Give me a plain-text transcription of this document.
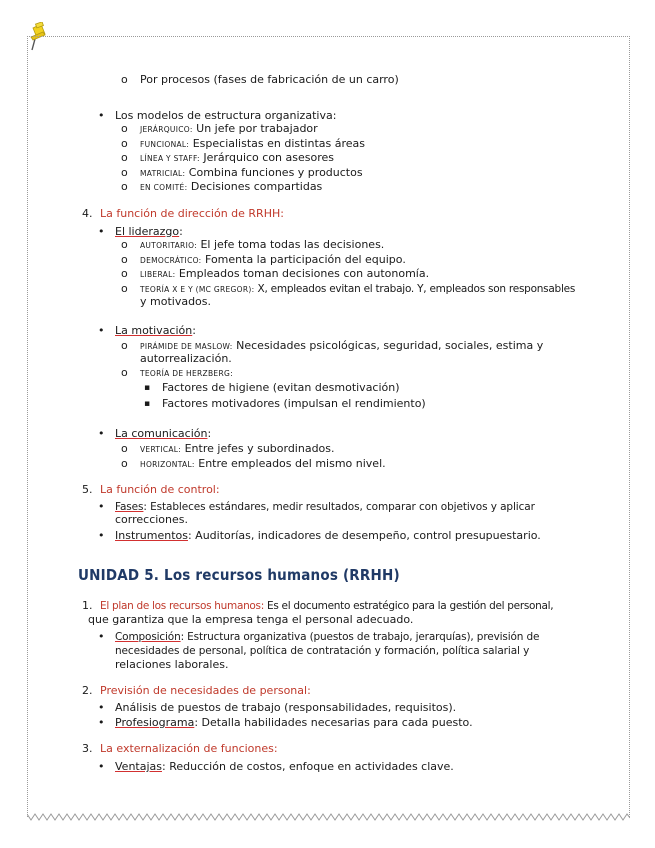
o Por procesos (fases de fabricación de un carro)
• Los modelos de estructura organizativa:
o JERÁRQUICO: Un jefe por trabajador
o FUNCIONAL: Especialistas en distintas áreas
o LÍNEA Y STAFF: Jerárquico con asesores
o MATRICIAL: Combina funciones y productos
o EN COMITÉ: Decisiones compartidas
4. La función de dirección de RRHH:
• El liderazgo:
o AUTORITARIO: El jefe toma todas las decisiones.
o DEMOCRÁTICO: Fomenta la participación del equipo.
o LIBERAL: Empleados toman decisiones con autonomía.
o TEORÍA X E Y (MC GREGOR): X, empleados evitan el trabajo. Y, empleados son responsables
y motivados.
• La motivación:
o PIRÁMIDE DE MASLOW: Necesidades psicológicas, seguridad, sociales, estima y
autorrealización.
o TEORÍA DE HERZBERG:
▪ Factores de higiene (evitan desmotivación)
▪ Factores motivadores (impulsan el rendimiento)
• La comunicación:
o VERTICAL: Entre jefes y subordinados.
o HORIZONTAL: Entre empleados del mismo nivel.
5. La función de control:
• Fases: Estableces estándares, medir resultados, comparar con objetivos y aplicar
correcciones.
• Instrumentos: Auditorías, indicadores de desempeño, control presupuestario.
UNIDAD 5. Los recursos humanos (RRHH)
1. El plan de los recursos humanos: Es el documento estratégico para la gestión del personal,
que garantiza que la empresa tenga el personal adecuado.
• Composición: Estructura organizativa (puestos de trabajo, jerarquías), previsión de
necesidades de personal, política de contratación y formación, política salarial y
relaciones laborales.
2. Previsión de necesidades de personal:
• Análisis de puestos de trabajo (responsabilidades, requisitos).
• Profesiograma: Detalla habilidades necesarias para cada puesto.
3. La externalización de funciones:
• Ventajas: Reducción de costos, enfoque en actividades clave.
